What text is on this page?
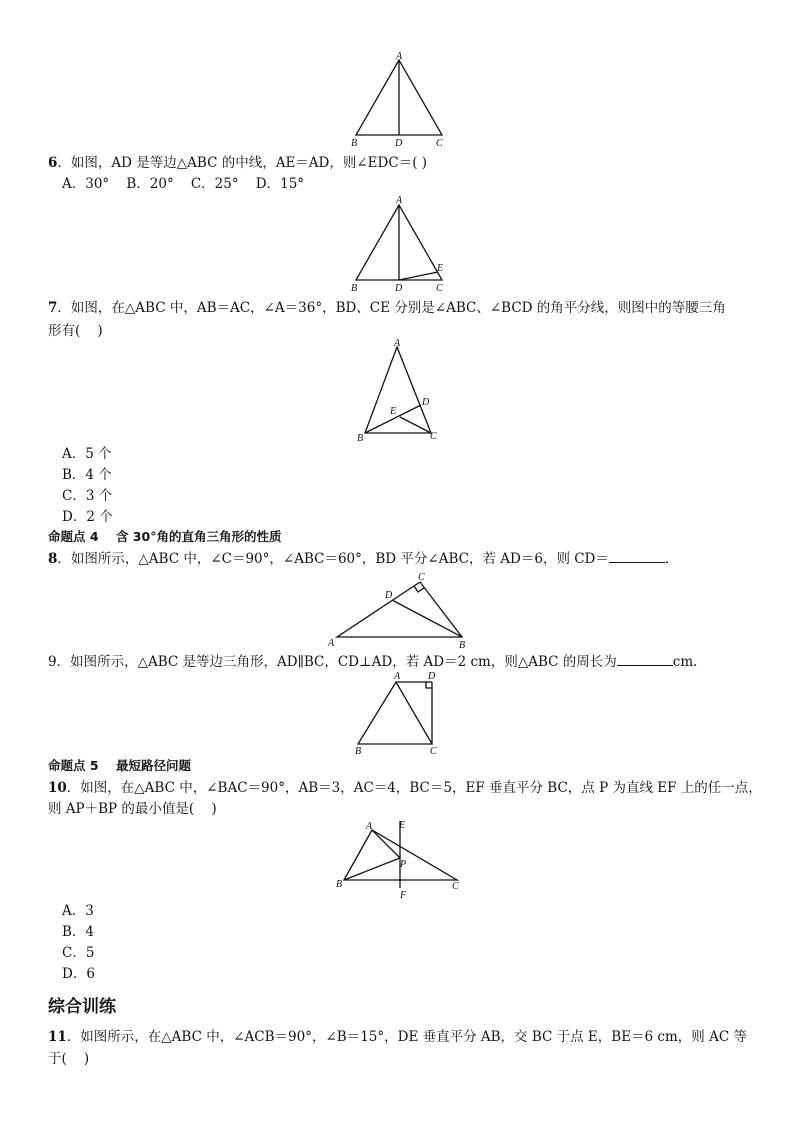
A
B	D	C
6．如图，AD 是等边△ABC 的中线，AE＝AD，则∠EDC＝( )
A．30°    B．20°    C．25°    D．15°
A
E
B	D	C
7．如图，在△ABC 中，AB＝AC，∠A＝36°，BD、CE 分别是∠ABC、∠BCD 的角平分线，则图中的等腰三角
形有(    )
A
D
E
B	C
A．5 个
B．4 个
C．3 个
D．2 个
命题点 4    含 30°角的直角三角形的性质
8．如图所示，△ABC 中，∠C＝90°，∠ABC＝60°，BD 平分∠ABC，若 AD＝6，则 CD＝	.
C
D
A	B
9．如图所示，△ABC 是等边三角形，AD∥BC，CD⊥AD，若 AD＝2 cm，则△ABC 的周长为	cm.
A	D
B	C
命题点 5    最短路径问题
10．如图，在△ABC 中，∠BAC＝90°，AB＝3，AC＝4，BC＝5，EF 垂直平分 BC，点 P 为直线 EF 上的任一点，
则 AP＋BP 的最小值是(    )
A	E
P
B	C
F
A．3
B．4
C．5
D．6
综合训练
11．如图所示，在△ABC 中，∠ACB＝90°，∠B＝15°，DE 垂直平分 AB，交 BC 于点 E，BE＝6 cm，则 AC 等
于(    )
